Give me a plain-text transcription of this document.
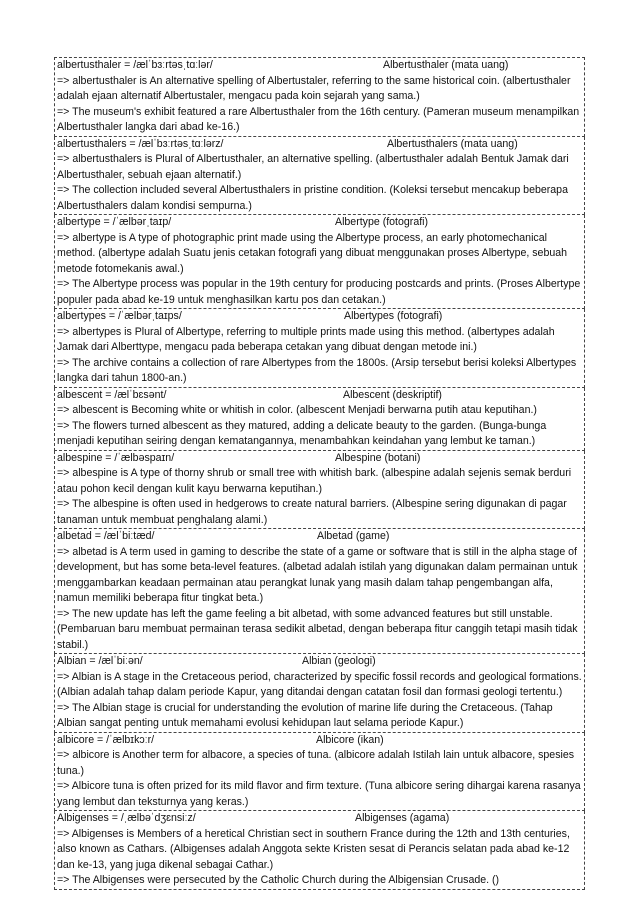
albertusthaler = /ælˈbɜːrtəsˌtɑːlər/	Albertusthaler (mata uang)
=> albertusthaler is An alternative spelling of Albertustaler, referring to the same historical coin. (albertusthaler adalah ejaan alternatif Albertustaler, mengacu pada koin sejarah yang sama.)
=> The museum's exhibit featured a rare Albertusthaler from the 16th century. (Pameran museum menampilkan Albertusthaler langka dari abad ke-16.)
albertusthalers = /ælˈbɜːrtəsˌtɑːlərz/	Albertusthalers (mata uang)
=> albertusthalers is Plural of Albertusthaler, an alternative spelling. (albertusthaler adalah Bentuk Jamak dari Albertusthaler, sebuah ejaan alternatif.)
=> The collection included several Albertusthalers in pristine condition. (Koleksi tersebut mencakup beberapa Albertusthalers dalam kondisi sempurna.)
albertype = /ˈælbərˌtaɪp/	Albertype (fotografi)
=> albertype is A type of photographic print made using the Albertype process, an early photomechanical method. (albertype adalah Suatu jenis cetakan fotografi yang dibuat menggunakan proses Albertype, sebuah metode fotomekanis awal.)
=> The Albertype process was popular in the 19th century for producing postcards and prints. (Proses Albertype populer pada abad ke-19 untuk menghasilkan kartu pos dan cetakan.)
albertypes = /ˈælbərˌtaɪps/	Albertypes (fotografi)
=> albertypes is Plural of Albertype, referring to multiple prints made using this method. (albertypes adalah Jamak dari Alberttype, mengacu pada beberapa cetakan yang dibuat dengan metode ini.)
=> The archive contains a collection of rare Albertypes from the 1800s. (Arsip tersebut berisi koleksi Albertypes langka dari tahun 1800-an.)
albescent = /ælˈbɛsənt/	Albescent (deskriptif)
=> albescent is Becoming white or whitish in color. (albescent Menjadi berwarna putih atau keputihan.)
=> The flowers turned albescent as they matured, adding a delicate beauty to the garden. (Bunga-bunga menjadi keputihan seiring dengan kematangannya, menambahkan keindahan yang lembut ke taman.)
albespine = /ˈælbəspaɪn/	Albespine (botani)
=> albespine is A type of thorny shrub or small tree with whitish bark. (albespine adalah sejenis semak berduri atau pohon kecil dengan kulit kayu berwarna keputihan.)
=> The albespine is often used in hedgerows to create natural barriers. (Albespine sering digunakan di pagar tanaman untuk membuat penghalang alami.)
albetad = /ælˈbiːtæd/	Albetad (game)
=> albetad is A term used in gaming to describe the state of a game or software that is still in the alpha stage of development, but has some beta-level features. (albetad adalah istilah yang digunakan dalam permainan untuk menggambarkan keadaan permainan atau perangkat lunak yang masih dalam tahap pengembangan alfa, namun memiliki beberapa fitur tingkat beta.)
=> The new update has left the game feeling a bit albetad, with some advanced features but still unstable. (Pembaruan baru membuat permainan terasa sedikit albetad, dengan beberapa fitur canggih tetapi masih tidak stabil.)
Albian = /ælˈbiːən/	Albian (geologi)
=> Albian is A stage in the Cretaceous period, characterized by specific fossil records and geological formations. (Albian adalah tahap dalam periode Kapur, yang ditandai dengan catatan fosil dan formasi geologi tertentu.)
=> The Albian stage is crucial for understanding the evolution of marine life during the Cretaceous. (Tahap Albian sangat penting untuk memahami evolusi kehidupan laut selama periode Kapur.)
albicore = /ˈælbɪkɔːr/	Albicore (ikan)
=> albicore is Another term for albacore, a species of tuna. (albicore adalah Istilah lain untuk albacore, spesies tuna.)
=> Albicore tuna is often prized for its mild flavor and firm texture. (Tuna albicore sering dihargai karena rasanya yang lembut dan teksturnya yang keras.)
Albigenses = /ˌælbəˈdʒɛnsiːz/	Albigenses (agama)
=> Albigenses is Members of a heretical Christian sect in southern France during the 12th and 13th centuries, also known as Cathars. (Albigenses adalah Anggota sekte Kristen sesat di Perancis selatan pada abad ke-12 dan ke-13, yang juga dikenal sebagai Cathar.)
=> The Albigenses were persecuted by the Catholic Church during the Albigensian Crusade. ()
